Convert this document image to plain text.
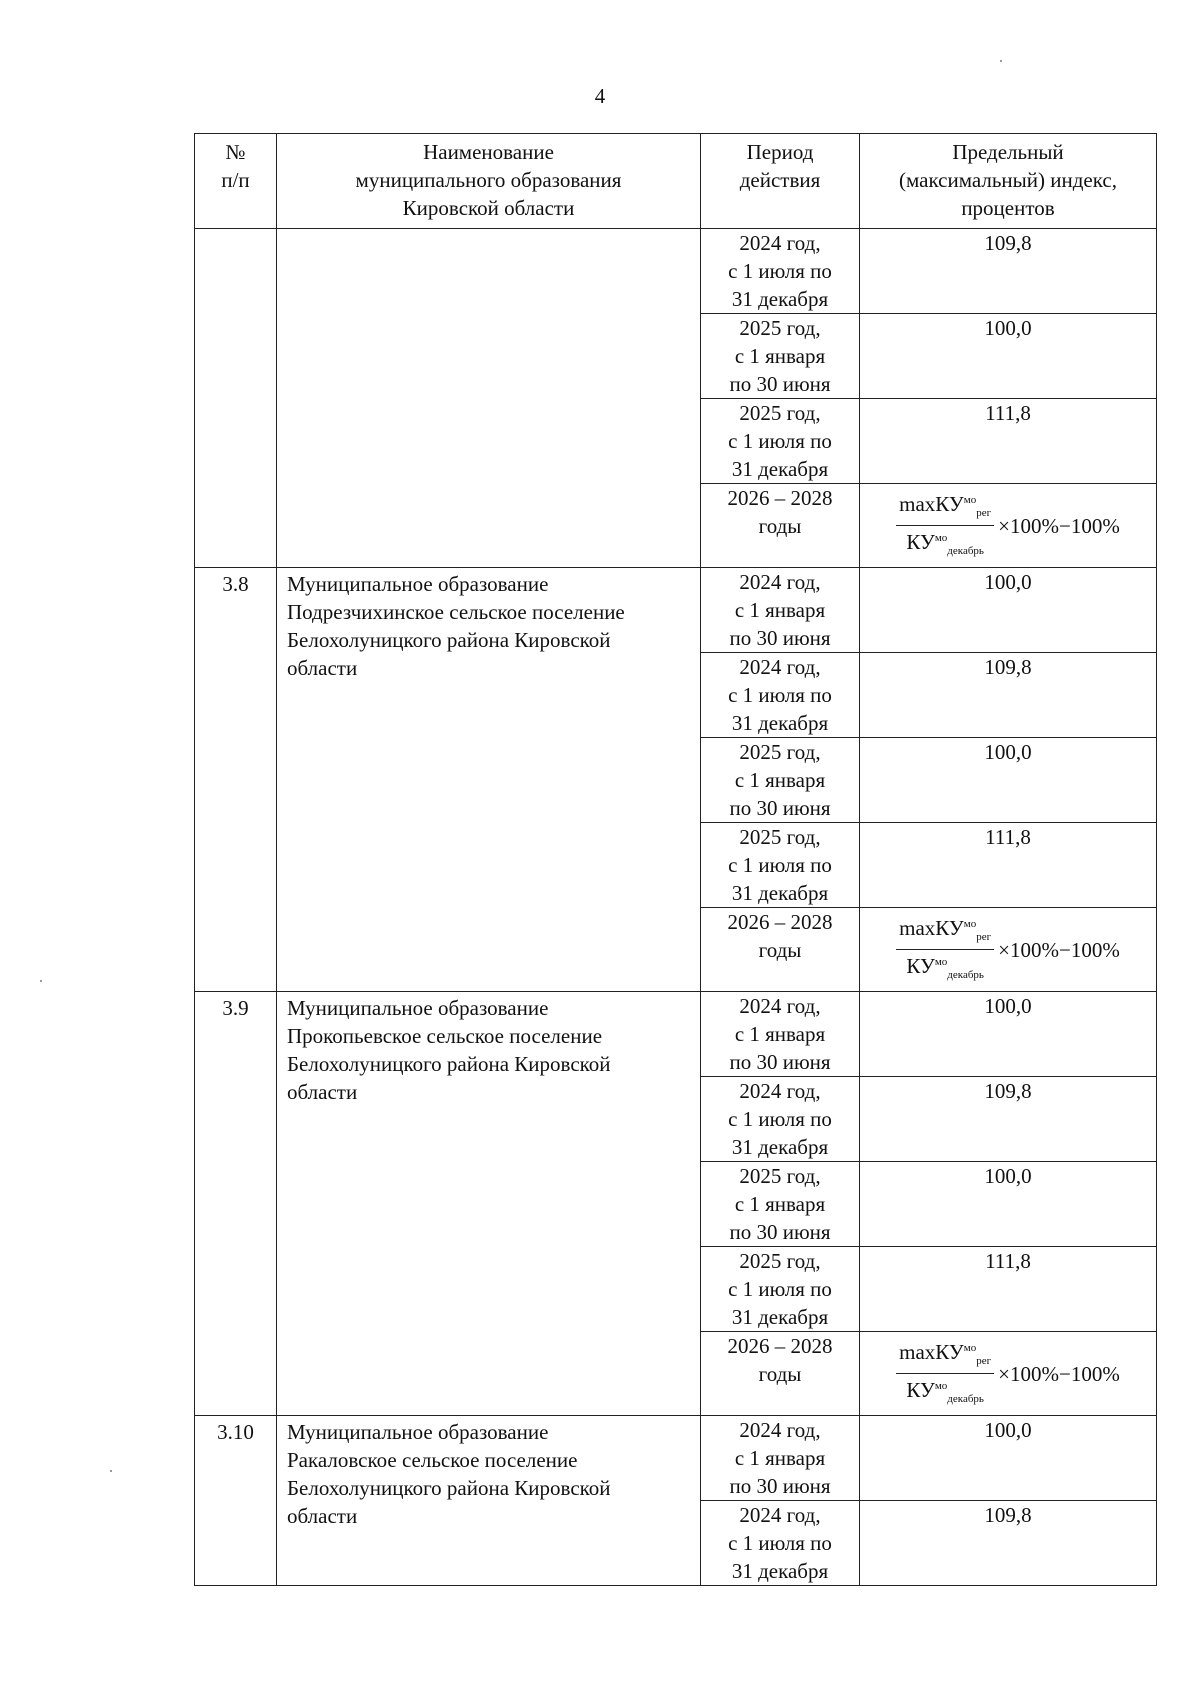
4
№
п/п	Наименование
муниципального образования
Кировской области	Период
действия	Предельный
(максимальный) индекс,
процентов

		2024 год,
с 1 июля по
31 декабря	109,8

		2025 год,
с 1 января
по 30 июня	100,0

		2025 год,
с 1 июля по
31 декабря	111,8

		2026 – 2028
годы	$\frac{\max КУ^{мо}_{рег}}{КУ^{мо}_{декабрь}} \times 100\%-100\%$

3.8	Муниципальное образование
Подрезчихинское сельское поселение
Белохолуницкого района Кировской
области	2024 год,
с 1 января
по 30 июня	100,0

		2024 год,
с 1 июля по
31 декабря	109,8

		2025 год,
с 1 января
по 30 июня	100,0

		2025 год,
с 1 июля по
31 декабря	111,8

		2026 – 2028
годы	$\frac{\max КУ^{мо}_{рег}}{КУ^{мо}_{декабрь}} \times 100\%-100\%$

3.9	Муниципальное образование
Прокопьевское сельское поселение
Белохолуницкого района Кировской
области	2024 год,
с 1 января
по 30 июня	100,0

		2024 год,
с 1 июля по
31 декабря	109,8

		2025 год,
с 1 января
по 30 июня	100,0

		2025 год,
с 1 июля по
31 декабря	111,8

		2026 – 2028
годы	$\frac{\max КУ^{мо}_{рег}}{КУ^{мо}_{декабрь}} \times 100\%-100\%$

3.10	Муниципальное образование
Ракаловское сельское поселение
Белохолуницкого района Кировской
области	2024 год,
с 1 января
по 30 июня	100,0

		2024 год,
с 1 июля по
31 декабря	109,8
